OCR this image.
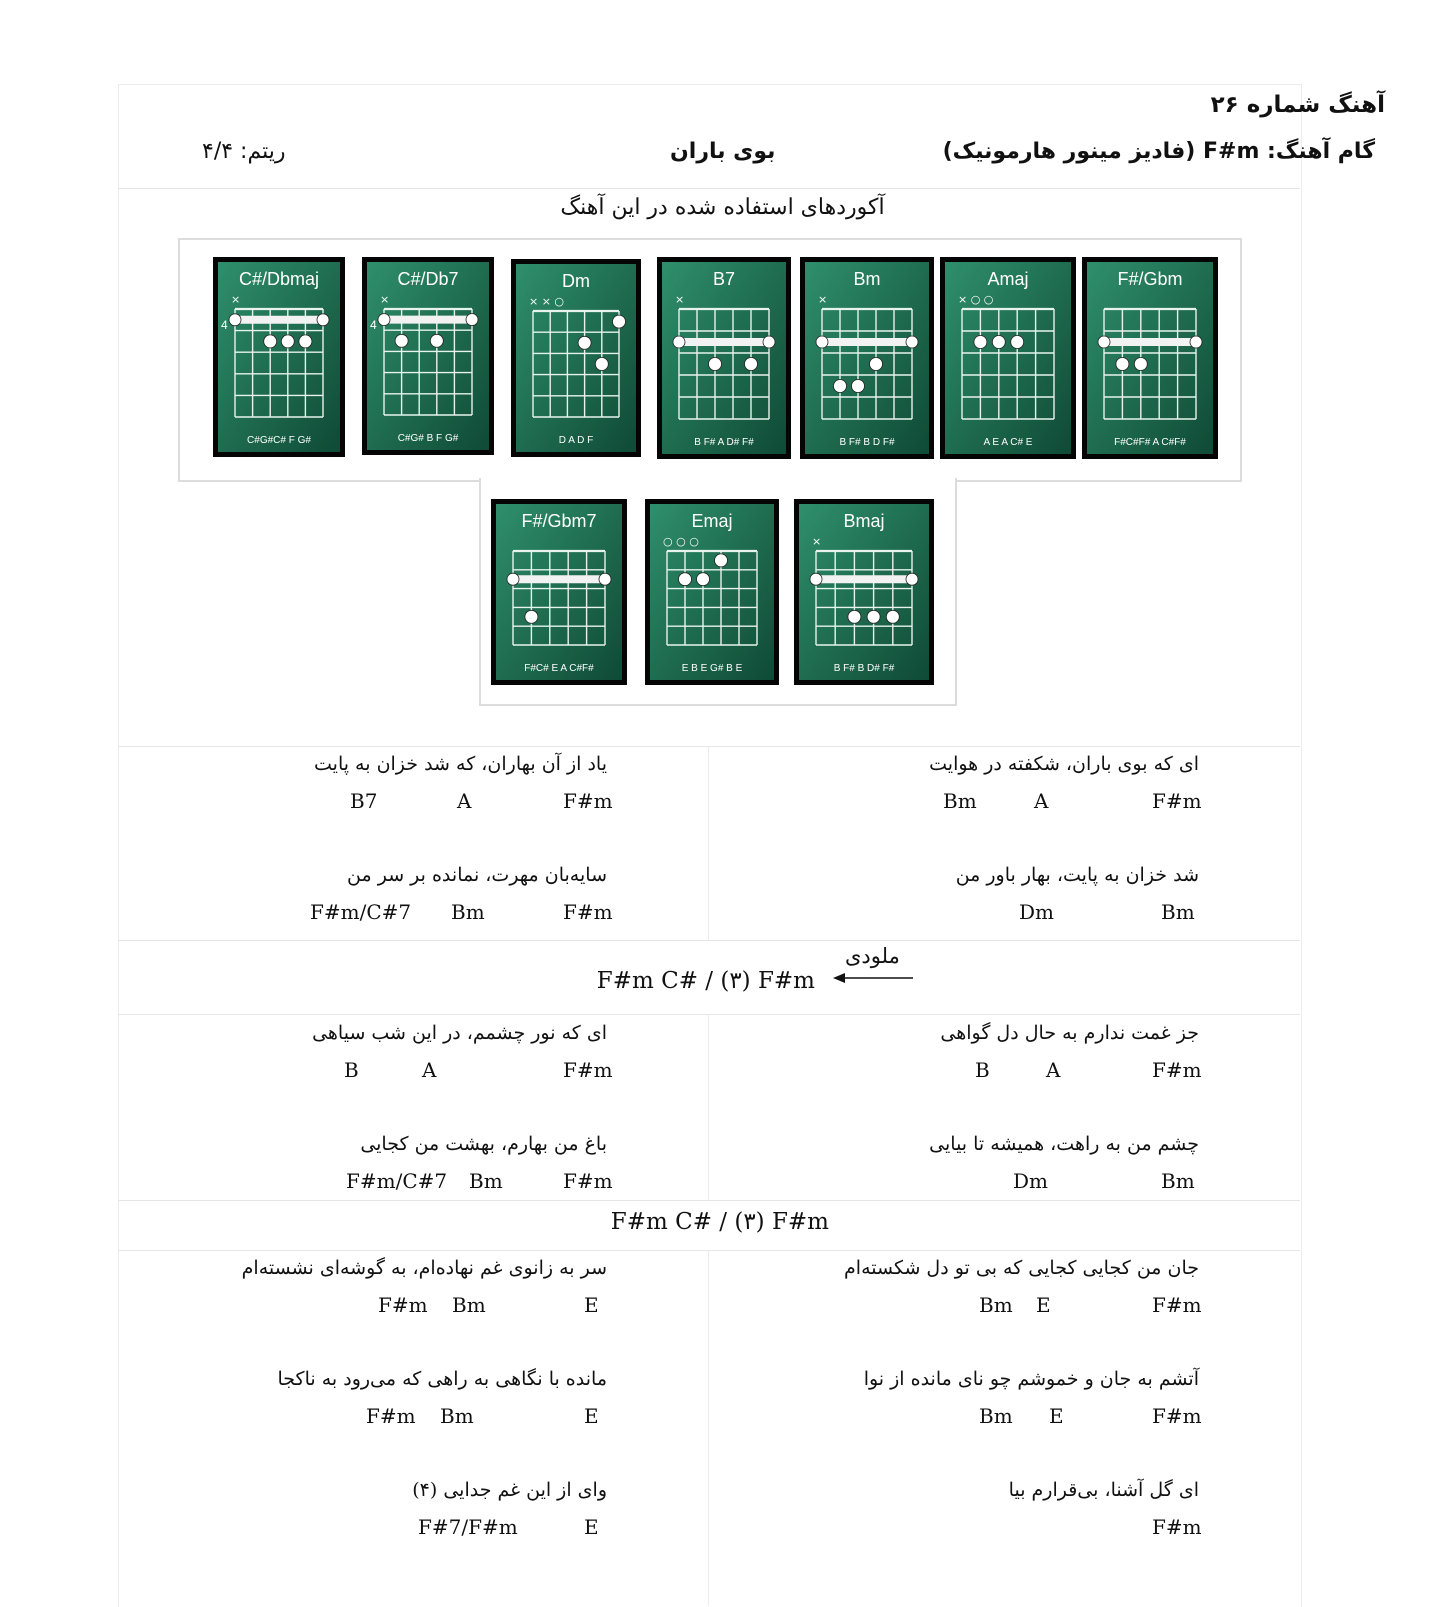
آهنگ شماره ۲۶
گام آهنگ: F#m (فادیز مینور هارمونیک)
بوی باران
ریتم: ۴/۴
آکوردهای استفاده شده در این آهنگ
C#/Dbmaj
×
4
C#G#C# F G#
C#/Db7
×
4
C#G# B F G#
Dm
× × ○
D A D F
B7
×
B F# A D# F#
Bm
×
B F# B D F#
Amaj
× ○ ○
A E A C# E
F#/Gbm
F#C#F# A C#F#
F#/Gbm7
F#C# E A C#F#
Emaj
○ ○ ○
E B E G# B E
Bmaj
×
B F# B D# F#
ای که بوی باران، شکفته در هوایت
Bm	A	F#m
شد خزان به پایت، بهار باور من
Dm	Bm
یاد از آن بهاران، که شد خزان به پایت
B7	A	F#m
سایه‌بان مهرت، نمانده بر سر من
F#m/C#7 Bm	F#m
ملودی
F#m C# / (۳) F#m
جز غمت ندارم به حال دل گواهی
B	A	F#m
چشم من به راهت، همیشه تا بیایی
Dm	Bm
ای که نور چشمم، در این شب سیاهی
B	A	F#m
باغ من بهارم، بهشت من کجایی
F#m/C#7 Bm	F#m
F#m C# / (۳) F#m
جان من کجایی کجایی که بی تو دل شکسته‌ام
Bm E	F#m
آتشم به جان و خموشم چو نای مانده از نوا
Bm E	F#m
ای گل آشنا، بی‌قرارم بیا
F#m
سر به زانوی غم نهاده‌ام، به گوشه‌ای نشسته‌ام
F#m Bm	E
مانده با نگاهی به راهی که می‌رود به ناکجا
F#m Bm	E
وای از این غم جدایی (۴)
F#7/F#m	E
